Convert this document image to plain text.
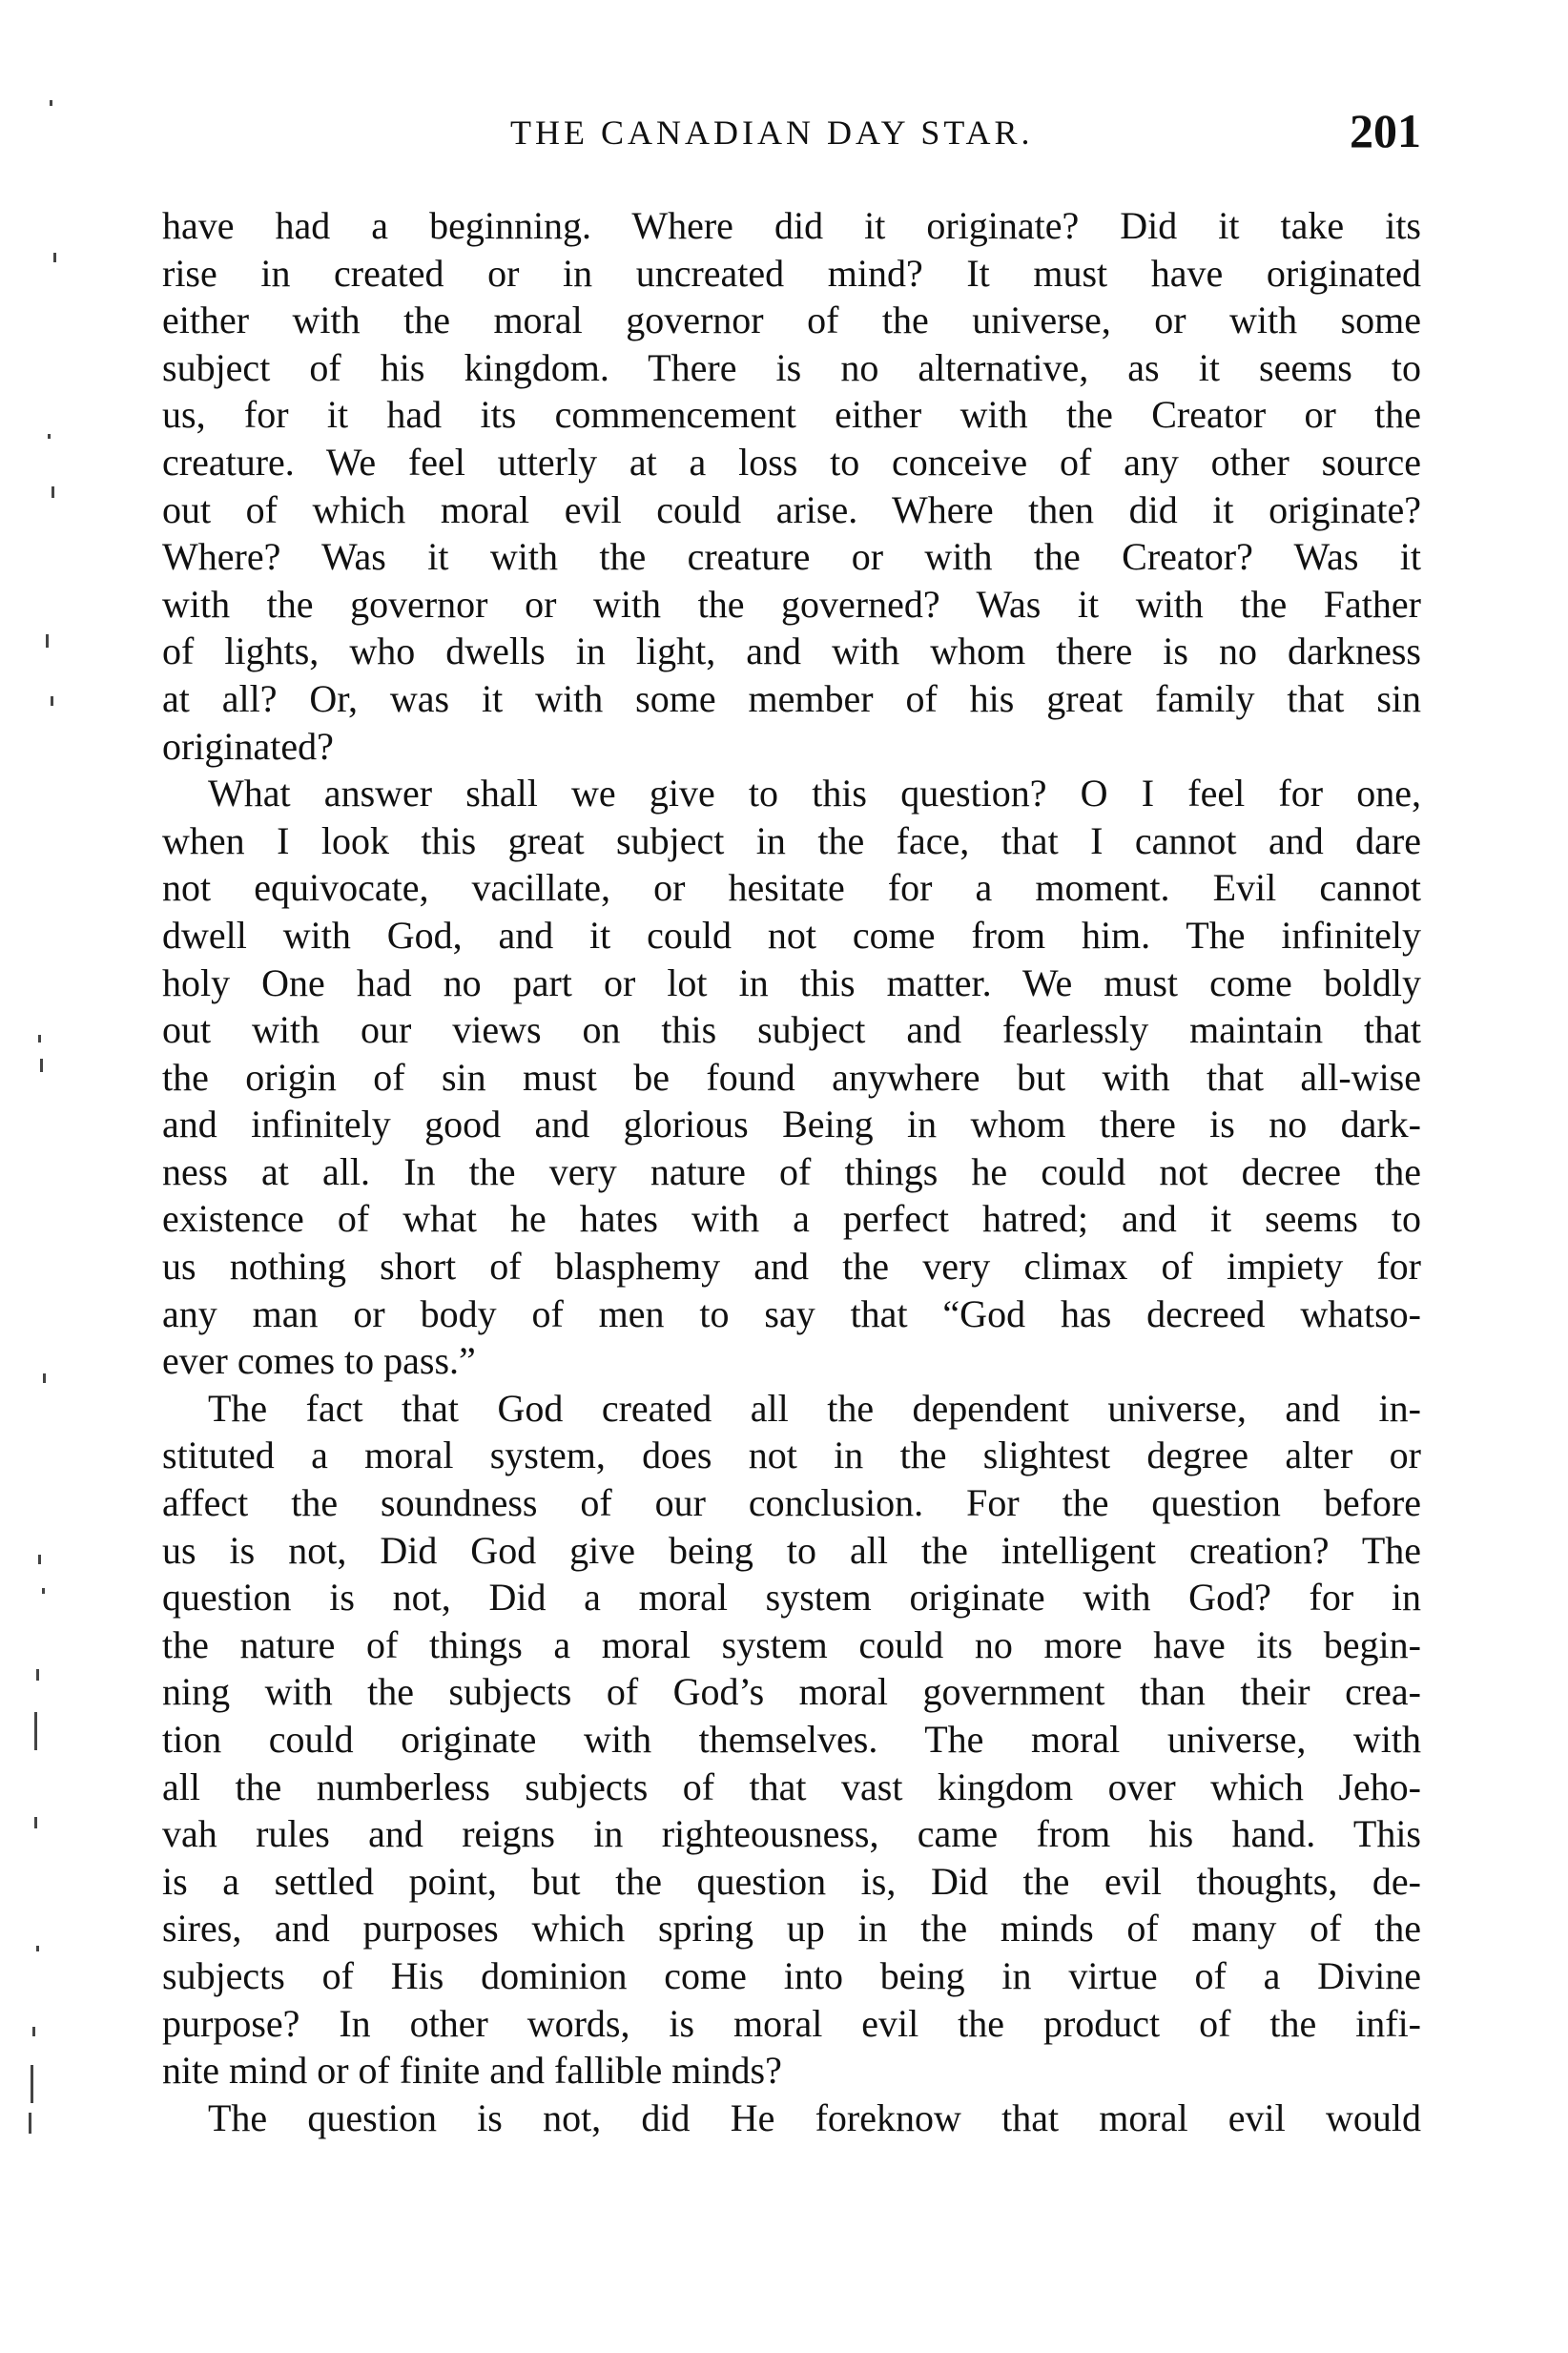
THE CANADIAN DAY STAR.	201
have had a beginning. Where did it originate? Did it take its
rise in created or in uncreated mind? It must have originated
either with the moral governor of the universe, or with some
subject of his kingdom. There is no alternative, as it seems to
us, for it had its commencement either with the Creator or the
creature. We feel utterly at a loss to conceive of any other source
out of which moral evil could arise. Where then did it originate?
Where? Was it with the creature or with the Creator? Was it
with the governor or with the governed? Was it with the Father
of lights, who dwells in light, and with whom there is no darkness
at all? Or, was it with some member of his great family that sin
originated?
What answer shall we give to this question? O I feel for one,
when I look this great subject in the face, that I cannot and dare
not equivocate, vacillate, or hesitate for a moment. Evil cannot
dwell with God, and it could not come from him. The infinitely
holy One had no part or lot in this matter. We must come boldly
out with our views on this subject and fearlessly maintain that
the origin of sin must be found anywhere but with that all-wise
and infinitely good and glorious Being in whom there is no dark-
ness at all. In the very nature of things he could not decree the
existence of what he hates with a perfect hatred; and it seems to
us nothing short of blasphemy and the very climax of impiety for
any man or body of men to say that “God has decreed whatso-
ever comes to pass.”
The fact that God created all the dependent universe, and in-
stituted a moral system, does not in the slightest degree alter or
affect the soundness of our conclusion. For the question before
us is not, Did God give being to all the intelligent creation? The
question is not, Did a moral system originate with God? for in
the nature of things a moral system could no more have its begin-
ning with the subjects of God’s moral government than their crea-
tion could originate with themselves. The moral universe, with
all the numberless subjects of that vast kingdom over which Jeho-
vah rules and reigns in righteousness, came from his hand. This
is a settled point, but the question is, Did the evil thoughts, de-
sires, and purposes which spring up in the minds of many of the
subjects of His dominion come into being in virtue of a Divine
purpose? In other words, is moral evil the product of the infi-
nite mind or of finite and fallible minds?
The question is not, did He foreknow that moral evil would
